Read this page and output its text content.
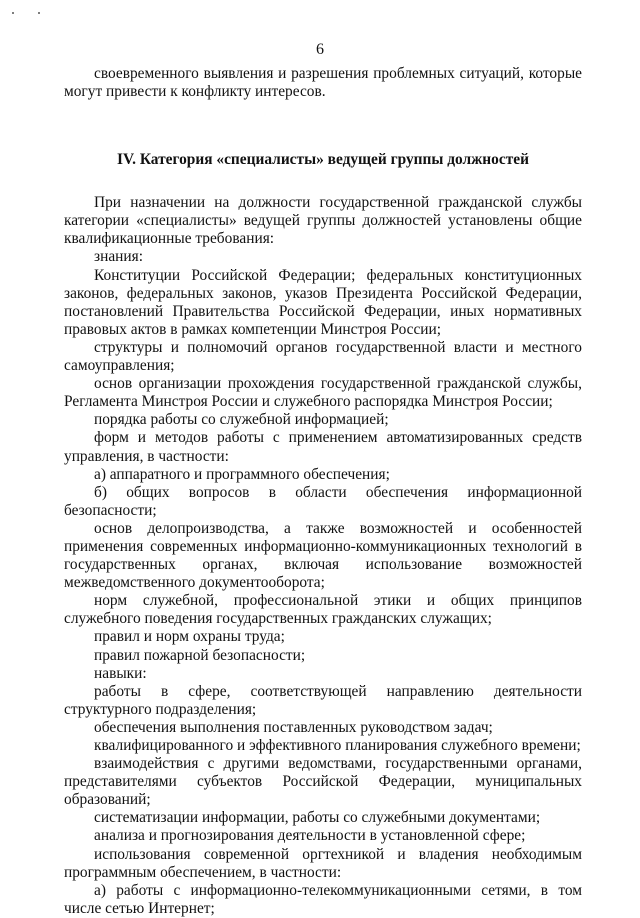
6

своевременного выявления и разрешения проблемных ситуаций, которые могут привести к конфликту интересов.

IV. Категория «специалисты» ведущей группы должностей

При назначении на должности государственной гражданской службы категории «специалисты» ведущей группы должностей установлены общие квалификационные требования:

знания:

Конституции Российской Федерации; федеральных конституционных законов, федеральных законов, указов Президента Российской Федерации, постановлений Правительства Российской Федерации, иных нормативных правовых актов в рамках компетенции Минстроя России;

структуры и полномочий органов государственной власти и местного самоуправления;

основ организации прохождения государственной гражданской службы, Регламента Минстроя России и служебного распорядка Минстроя России;

порядка работы со служебной информацией;

форм и методов работы с применением автоматизированных средств управления, в частности:

а) аппаратного и программного обеспечения;

б) общих вопросов в области обеспечения информационной безопасности;

основ делопроизводства, а также возможностей и особенностей применения современных информационно-коммуникационных технологий в государственных органах, включая использование возможностей межведомственного документооборота;

норм служебной, профессиональной этики и общих принципов служебного поведения государственных гражданских служащих;

правил и норм охраны труда;

правил пожарной безопасности;

навыки:

работы в сфере, соответствующей направлению деятельности структурного подразделения;

обеспечения выполнения поставленных руководством задач;

квалифицированного и эффективного планирования служебного времени;

взаимодействия с другими ведомствами, государственными органами, представителями субъектов Российской Федерации, муниципальных образований;

систематизации информации, работы со служебными документами;

анализа и прогнозирования деятельности в установленной сфере;

использования современной оргтехникой и владения необходимым программным обеспечением, в частности:

а) работы с информационно-телекоммуникационными сетями, в том числе сетью Интернет;
